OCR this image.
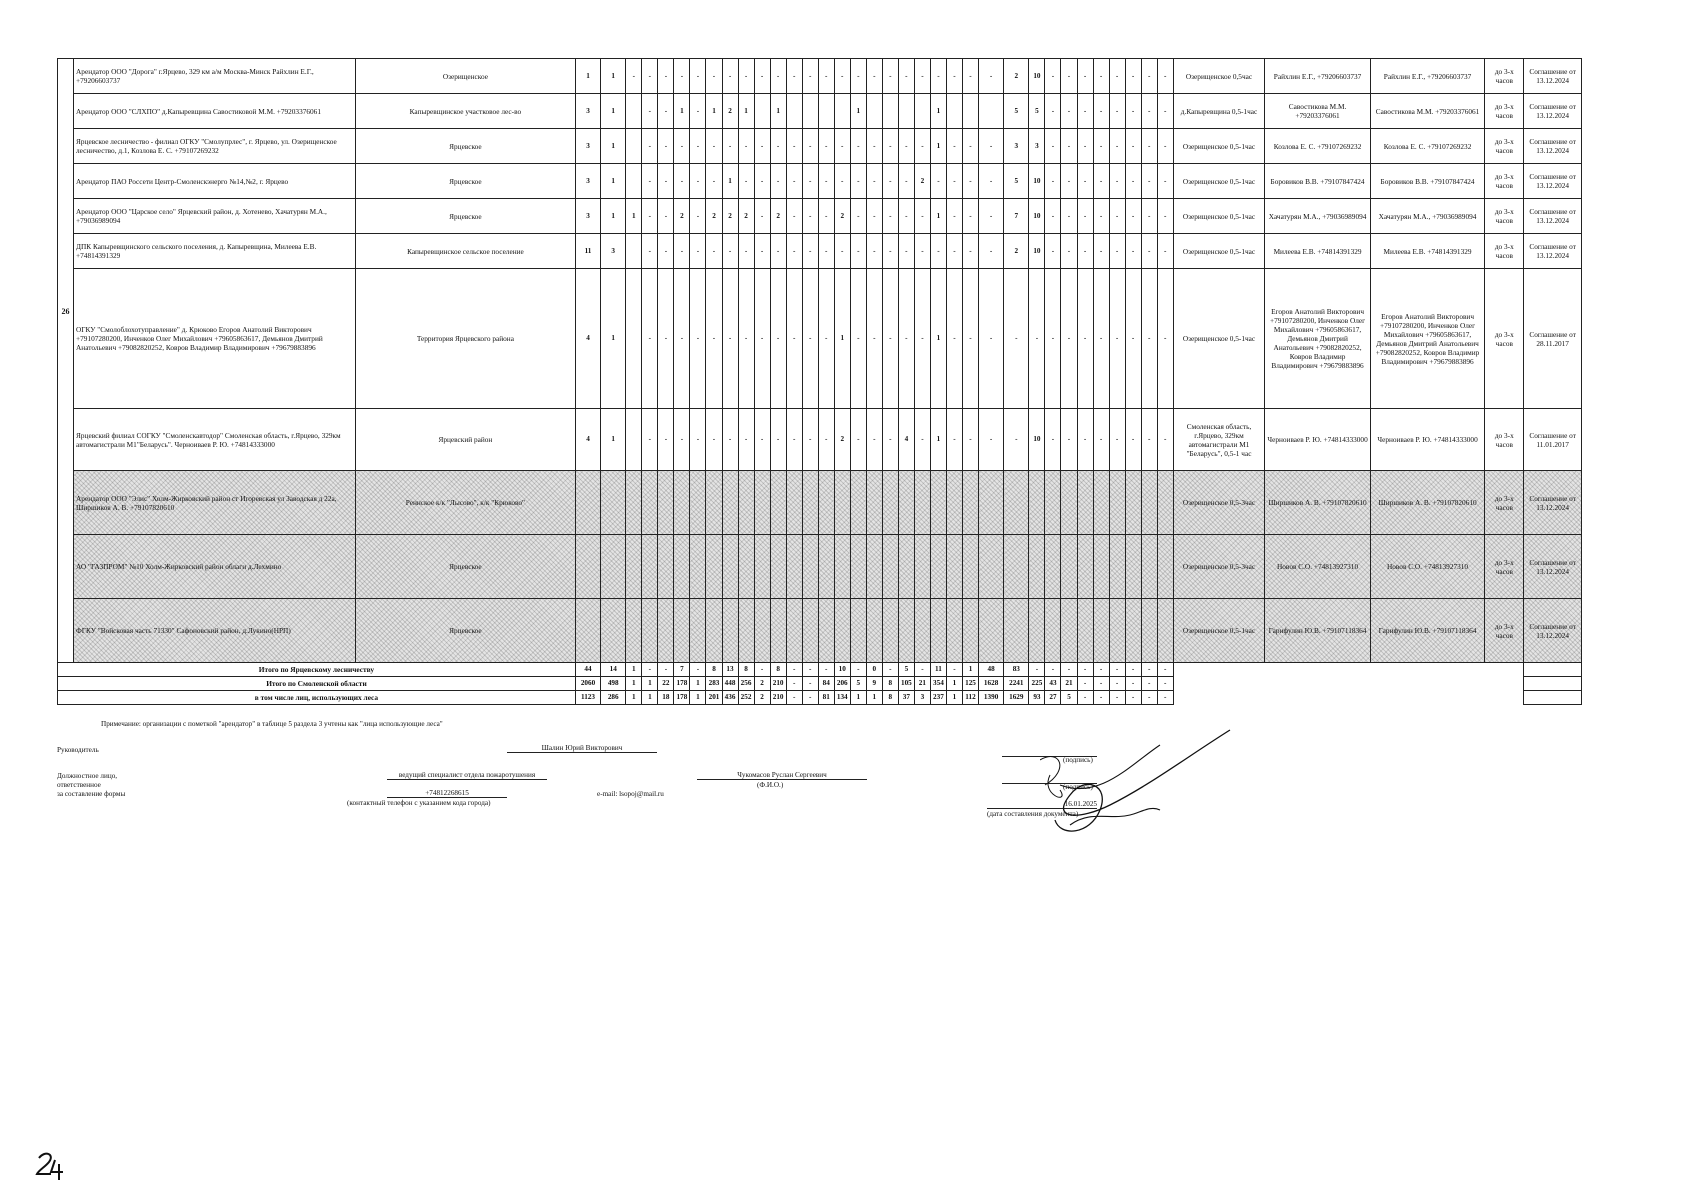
26	Арендатор ООО "Дорога" г.Ярцево, 329 км а/м Москва-Минск Райхлин Е.Г., +79206603737	Озерищенское	1	1	-	-	-	-	-	-	-	-	-	-	-	-	-	-	-	-	-	-	-	-	-	-	-	2	10	-	-	-	-	-	-	-	-	Озерищенское 0,5час	Райхлин Е.Г., +79206603737	Райхлин Е.Г., +79206603737	до 3-х часов	Соглашение от 13.12.2024
	Арендатор ООО "СЛХПО" д.Капыревщина Савостиковой М.М. +79203376061	Капыревщинское участковое лес-во	3	1		-	-	1	-	1	2	1		1					1					1				5	5	-	-	-	-	-	-	-	-	д.Капыревщина 0,5-1час	Савостикова М.М. +79203376061	Савостикова М.М. +79203376061	до 3-х часов	Соглашение от 13.12.2024
	Ярцевское лесничество - филиал ОГКУ "Смолупрлес", г. Ярцево, ул. Озерищенское лесничество, д.1, Козлова Е. С. +79107269232	Ярцевское	3	1		-	-	-	-	-	-	-	-	-	-	-	-	-	-	-	-	-	-	1	-	-	-	3	3	-	-	-	-	-	-	-	-	Озерищенское 0,5-1час	Козлова Е. С. +79107269232	Козлова Е. С. +79107269232	до 3-х часов	Соглашение от 13.12.2024
	Арендатор ПАО Россети Центр-Смоленскэнерго №14,№2, г. Ярцево	Ярцевское	3	1		-	-	-	-	-	1	-	-	-	-	-	-	-	-	-	-	-	2	-	-	-	-	5	10	-	-	-	-	-	-	-	-	Озерищенское 0,5-1час	Боровиков В.В. +79107847424	Боровиков В.В. +79107847424	до 3-х часов	Соглашение от 13.12.2024
	Арендатор ООО "Царское село" Ярцевский район, д. Хотенево, Хачатурян М.А., +79036989094	Ярцевское	3	1	1	-	-	2	-	2	2	2	-	2	-	-	-	2	-	-	-	-	-	1	-	-	-	7	10	-	-	-	-	-	-	-	-	Озерищенское 0,5-1час	Хачатурян М.А., +79036989094	Хачатурян М.А., +79036989094	до 3-х часов	Соглашение от 13.12.2024
	ДПК Капыревщинского сельского поселения, д. Капыревщина, Милеева Е.В. +74814391329	Капыревщинское сельское поселение	11	3		-	-	-	-	-	-	-	-	-	-	-	-	-	-	-	-	-	-	-	-	-	-	2	10	-	-	-	-	-	-	-	-	Озерищенское 0,5-1час	Милеева Е.В. +74814391329	Милеева Е.В. +74814391329	до 3-х часов	Соглашение от 13.12.2024
	ОГКУ "Смолоблохотуправление" д. Крюково Егоров Анатолий Викторович +79107280200, Инченков Олег Михайлович +79605863617, Демьянов Дмитрий Анатольевич +79082820252, Ковров Владимир Владимирович +79679883896	Территория Ярцевского района	4	1		-	-	-	-	-	-	-	-	-	-	-	-	1	-	-	-	-	-	1	-	-	-	-	-	-	-	-	-	-	-	-	-	Озерищенское 0,5-1час	Егоров Анатолий Викторович +79107280200, Инченков Олег Михайлович +79605863617, Демьянов Дмитрий Анатольевич +79082820252, Ковров Владимир Владимирович +79679883896	Егоров Анатолий Викторович +79107280200, Инченков Олег Михайлович +79605863617, Демьянов Дмитрий Анатольевич +79082820252, Ковров Владимир Владимирович +79679883896	до 3-х часов	Соглашение от 28.11.2017
	Ярцевский филиал СОГКУ "Смоленскавтодор" Смоленская область, г.Ярцево, 329км автомагистрали М1"Беларусь". Черноиваев Р. Ю. +74814333000	Ярцевский район	4	1		-	-	-	-	-	-	-	-	-	-	-	-	2	-	-	-	4	-	1	-	-	-	-	10	-	-	-	-	-	-	-	-	Смоленская область, г.Ярцево, 329км автомагистрали М1 "Беларусь", 0,5-1 час	Черноиваев Р. Ю. +74814333000	Черноиваев Р. Ю. +74814333000	до 3-х часов	Соглашение от 11.01.2017
	Арендатор ООО "Элис" Холм-Жирковский район ст Игоревская ул Заводская д 22а, Ширшиков А. В. +79107820610	Реннское к/к "Лысово", к/к "Крюково"																																				Озерищенское 0,5-3час	Ширшиков А. В. +79107820610	Ширшиков А. В. +79107820610	до 3-х часов	Соглашение от 13.12.2024
	АО "ГАЗПРОМ" №10 Холм-Жирковский район облаги д.Лехмино	Ярцевское																																				Озерищенское 0,5-3час	Новов С.О. +74813927310	Новов С.О. +74813927310	до 3-х часов	Соглашение от 13.12.2024
	ФГКУ "Войсковая часть 71330" Сафоновский район, д.Лукино(НРП)	Ярцевское																																				Озерищенское 0,5-1час	Гарифулин Ю.В. +79107118364	Гарифулин Ю.В. +79107118364	до 3-х часов	Соглашение от 13.12.2024
Итого по Ярцевскому лесничеству			44	14	1	-	-	7	-	8	13	8	-	8	-	-	-	10	-	0	-	5	-	11	-	1	48	83	-	-	-	-	-	-	-	-	-					
Итого по Смоленской области			2060	498	1	1	22	178	1	283	448	256	2	210	-	-	84	206	5	9	8	105	21	354	1	125	1628	2241	225	43	21	-	-	-	-	-	-					
в том числе лиц, использующих леса			1123	286	1	1	18	178	1	201	436	252	2	210	-	-	81	134	1	1	8	37	3	237	1	112	1390	1629	93	27	5	-	-	-	-	-	-					
Примечание: организации с пометкой "арендатор" в таблице 5 раздела 3 учтены как "лица использующие леса"
Руководитель	Шалин Юрий Викторович
Должностное лицо,
ответственное
за составление формы
ведущий специалист отдела пожаротушения	Чукомасов Руслан Сергеевич
(Ф.И.О.)
+74812268615
(контактный телефон с указанием кода города)
e-mail: lsopoj@mail.ru
(подпись)
(подпись)
16.01.2025
(дата составления документа)
